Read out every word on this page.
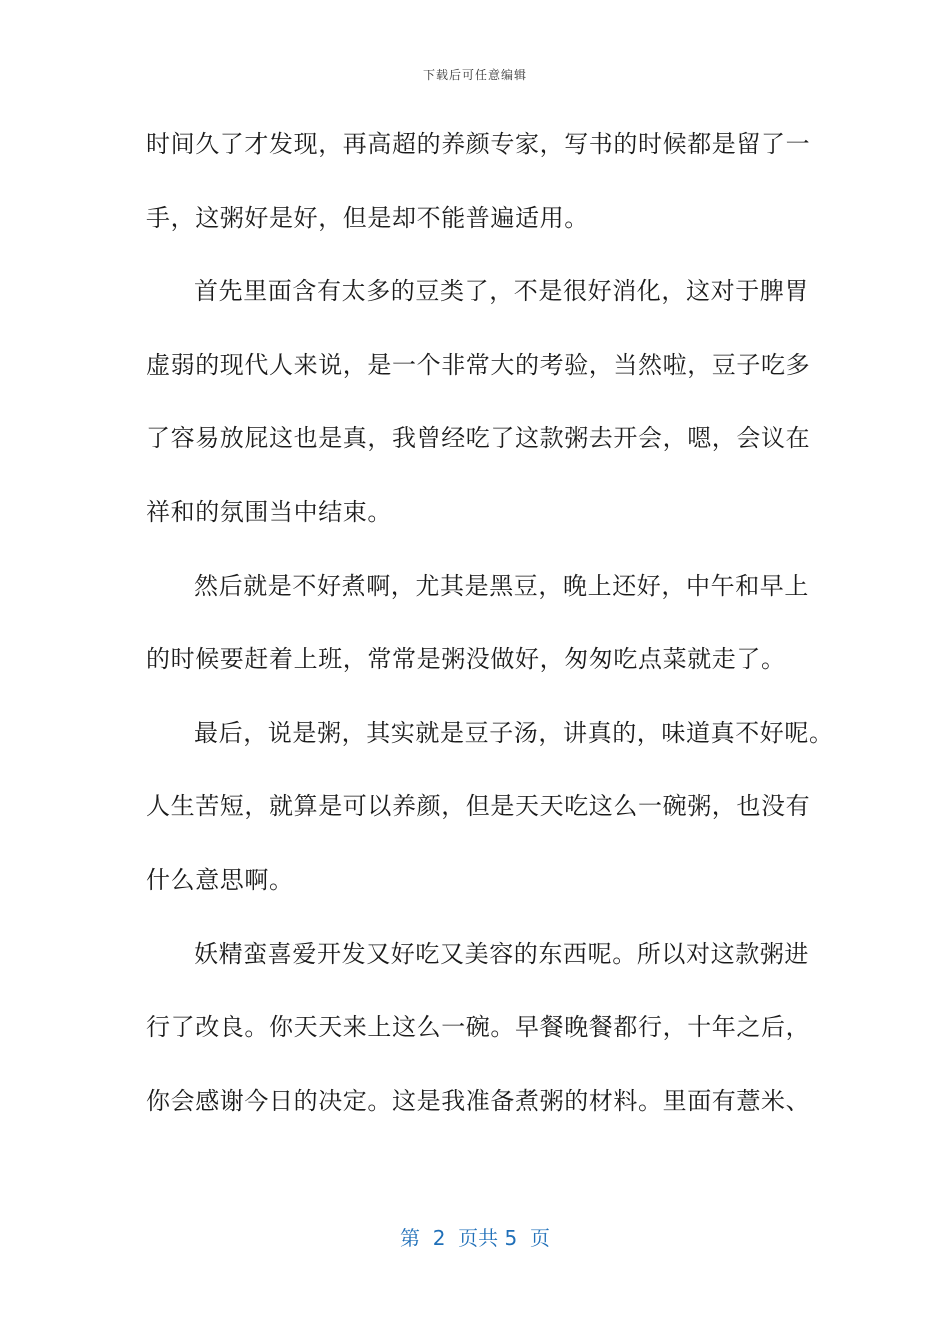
下载后可任意编辑
时间久了才发现，再高超的养颜专家，写书的时候都是留了一
手，这粥好是好，但是却不能普遍适用。
首先里面含有太多的豆类了，不是很好消化，这对于脾胃
虚弱的现代人来说，是一个非常大的考验，当然啦，豆子吃多
了容易放屁这也是真，我曾经吃了这款粥去开会，嗯，会议在
祥和的氛围当中结束。
然后就是不好煮啊，尤其是黑豆，晚上还好，中午和早上
的时候要赶着上班，常常是粥没做好，匆匆吃点菜就走了。
最后，说是粥，其实就是豆子汤，讲真的，味道真不好呢。
人生苦短，就算是可以养颜，但是天天吃这么一碗粥，也没有
什么意思啊。
妖精蛮喜爱开发又好吃又美容的东西呢。所以对这款粥进
行了改良。你天天来上这么一碗。早餐晚餐都行，十年之后，
你会感谢今日的决定。这是我准备煮粥的材料。里面有薏米、
第  2  页共 5  页
